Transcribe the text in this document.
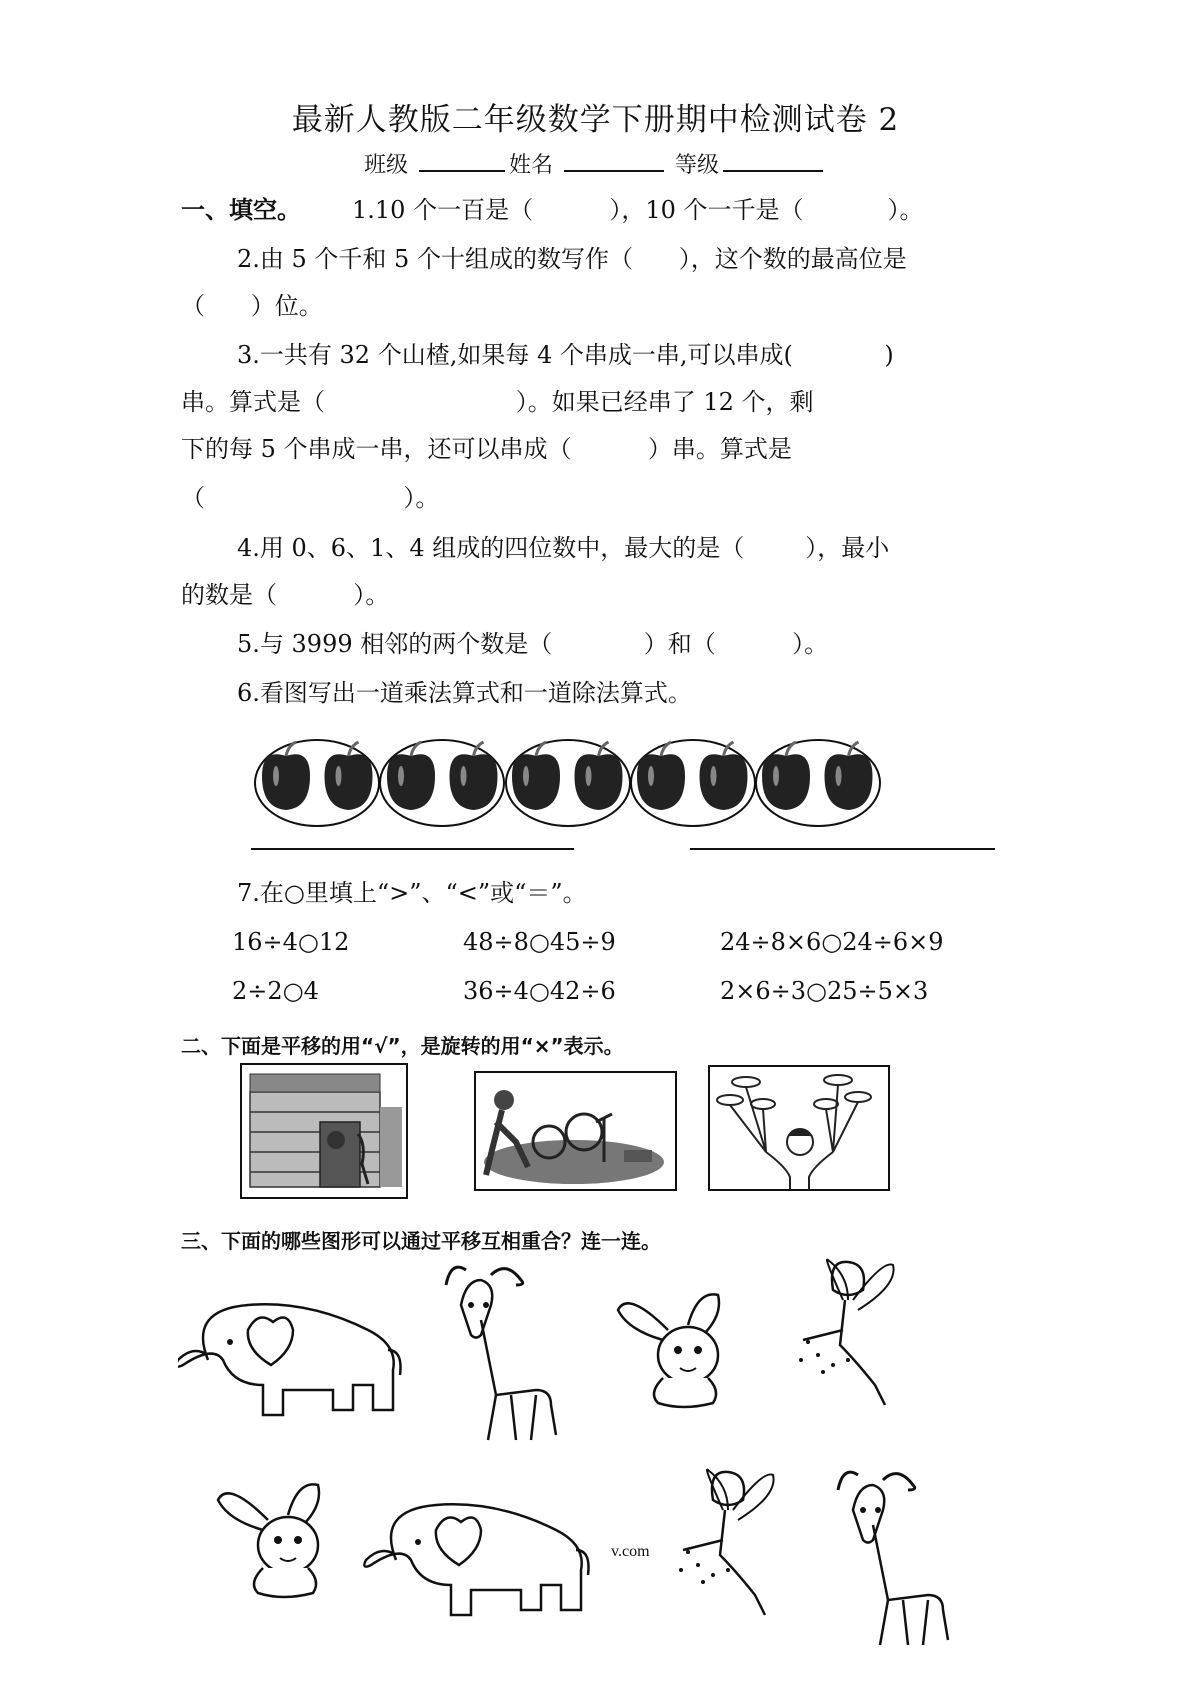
最新人教版二年级数学下册期中检测试卷 2
班级	姓名	等级
一、填空。 1.10 个一百是（          ），10 个一千是（           ）。
2.由 5 个千和 5 个十组成的数写作（      ），这个数的最高位是
（      ）位。
3.一共有 32 个山楂,如果每 4 个串成一串,可以串成(            )
串。算式是（                         ）。如果已经串了 12 个，剩
下的每 5 个串成一串，还可以串成（          ）串。算式是
（                          ）。
4.用 0、6、1、4 组成的四位数中，最大的是（        ），最小
的数是（          ）。
5.与 3999 相邻的两个数是（            ）和（          ）。
6.看图写出一道乘法算式和一道除法算式。
7.在○里填上“>”、“<”或“＝”。
16÷4○12	48÷8○45÷9	24÷8×6○24÷6×9
2÷2○4	36÷4○42÷6	2×6÷3○25÷5×3
二、下面是平移的用“√”，是旋转的用“×”表示。
三、下面的哪些图形可以通过平移互相重合？连一连。
v.com
